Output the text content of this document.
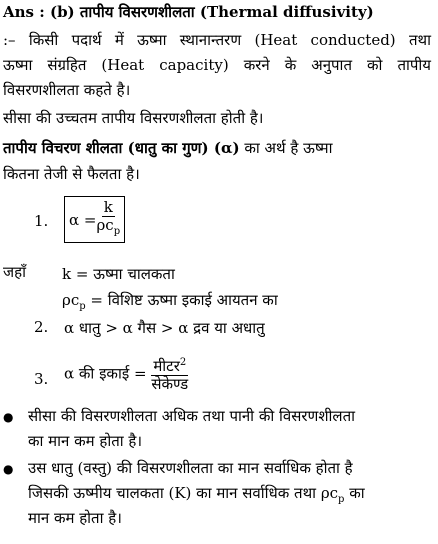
Ans : (b) तापीय विसरणशीलता (Thermal diffusivity)
:– किसी पदार्थ में ऊष्मा स्थानान्तरण (Heat conducted) तथा
ऊष्मा संग्रहित (Heat capacity) करने के अनुपात को तापीय
विसरणशीलता कहते है।
सीसा की उच्चतम तापीय विसरणशीलता होती है।
तापीय विचरण शीलता (धातु का गुण) (α) का अर्थ है ऊष्मा
कितना तेजी से फैलता है।
1. $\alpha = \frac{k}{\rho c_p}$
जहाँ k = ऊष्मा चालकता
$\rho c_p$ = विशिष्ट ऊष्मा इकाई आयतन का
2. α धातु > α गैस > α द्रव या अधातु
3. α की इकाई = $\frac{मीटर^2}{\text{सेकेण्ड}}$
● सीसा की विसरणशीलता अधिक तथा पानी की विसरणशीलता
का मान कम होता है।
● उस धातु (वस्तु) की विसरणशीलता का मान सर्वाधिक होता है
जिसकी ऊष्मीय चालकता (K) का मान सर्वाधिक तथा $\rho c_p$ का
मान कम होता है।
